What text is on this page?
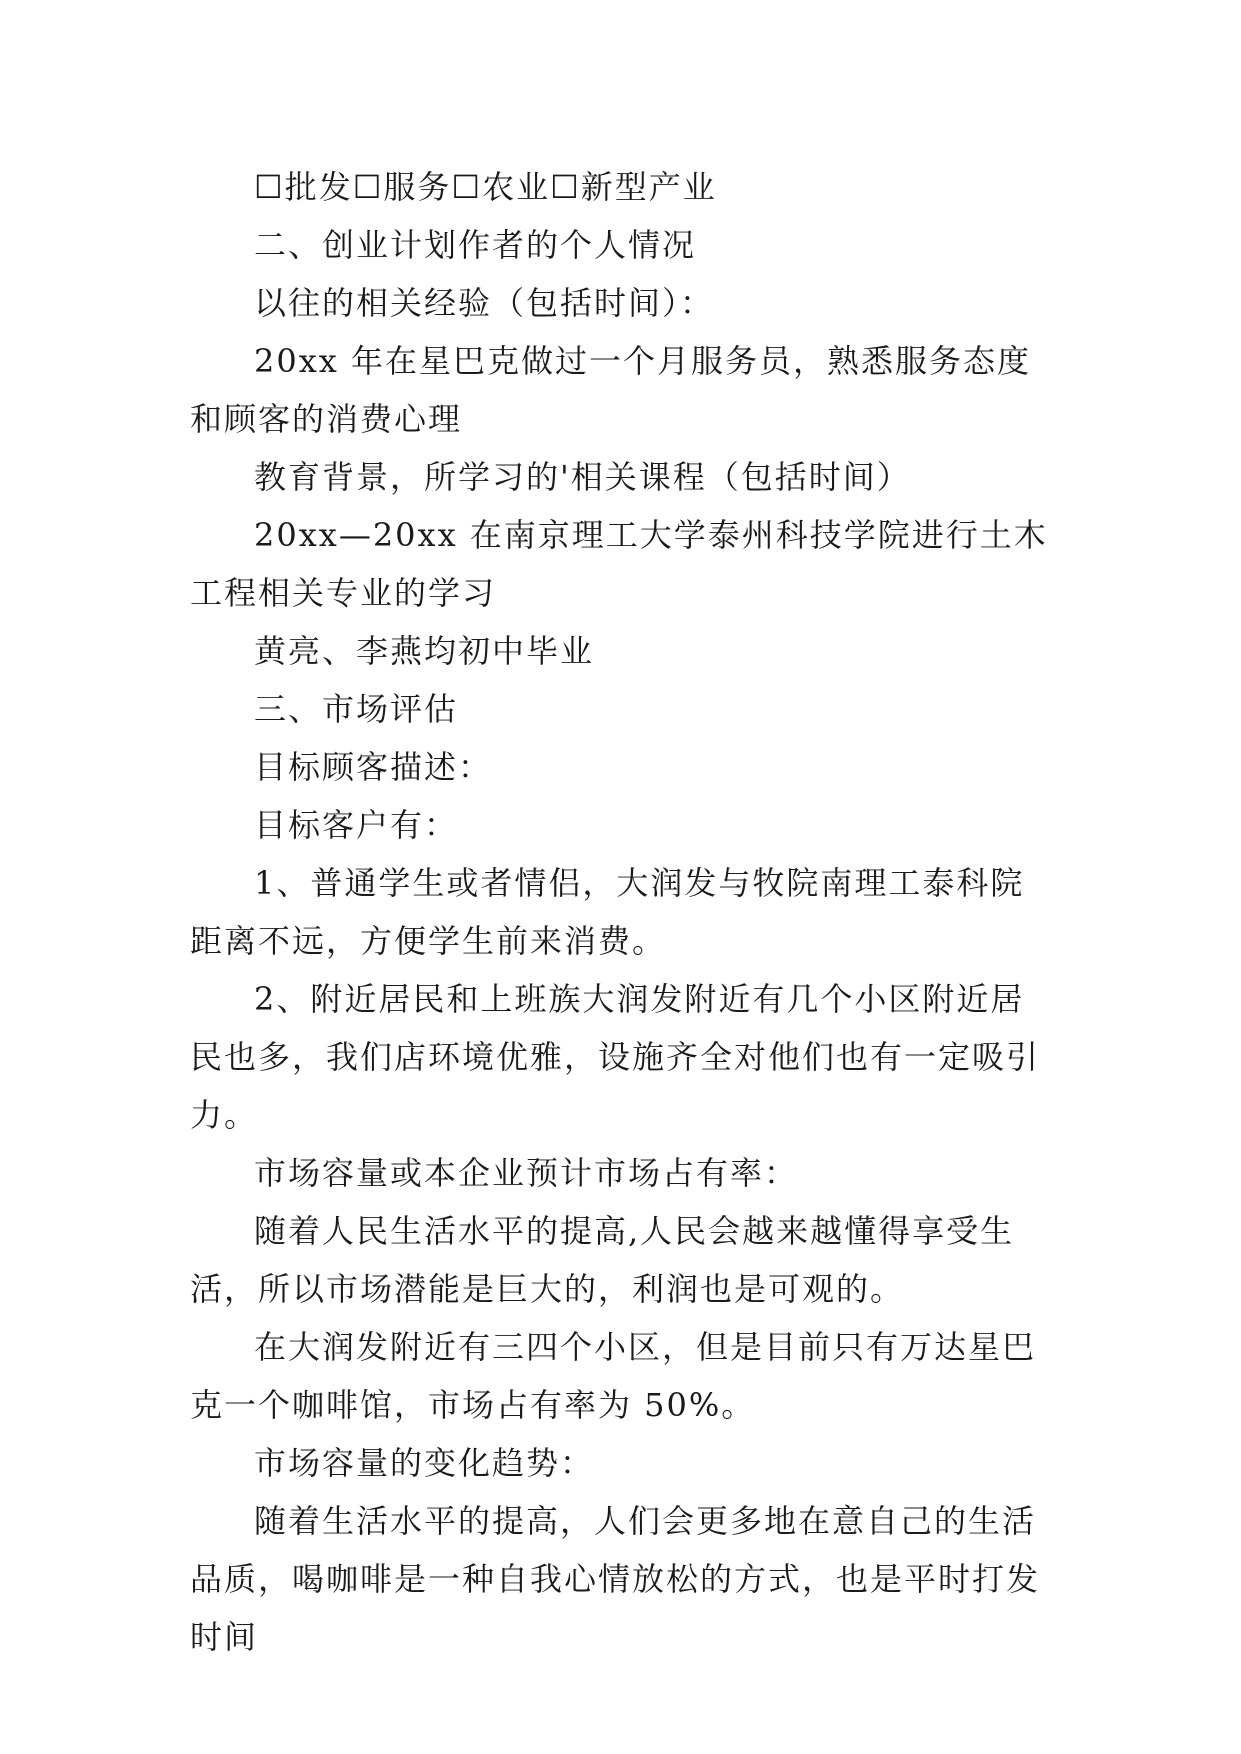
☐批发☐服务☐农业☐新型产业

二、创业计划作者的个人情况

以往的相关经验（包括时间）：

20xx 年在星巴克做过一个月服务员，熟悉服务态度和顾客的消费心理

教育背景，所学习的'相关课程（包括时间）

20xx—20xx 在南京理工大学泰州科技学院进行土木工程相关专业的学习

黄亮、李燕均初中毕业

三、市场评估

目标顾客描述：

目标客户有：

1、普通学生或者情侣，大润发与牧院南理工泰科院距离不远，方便学生前来消费。

2、附近居民和上班族大润发附近有几个小区附近居民也多，我们店环境优雅，设施齐全对他们也有一定吸引力。

市场容量或本企业预计市场占有率：

随着人民生活水平的提高,人民会越来越懂得享受生活，所以市场潜能是巨大的，利润也是可观的。

在大润发附近有三四个小区，但是目前只有万达星巴克一个咖啡馆，市场占有率为 50%。

市场容量的变化趋势：

随着生活水平的提高，人们会更多地在意自己的生活品质，喝咖啡是一种自我心情放松的方式，也是平时打发时间
